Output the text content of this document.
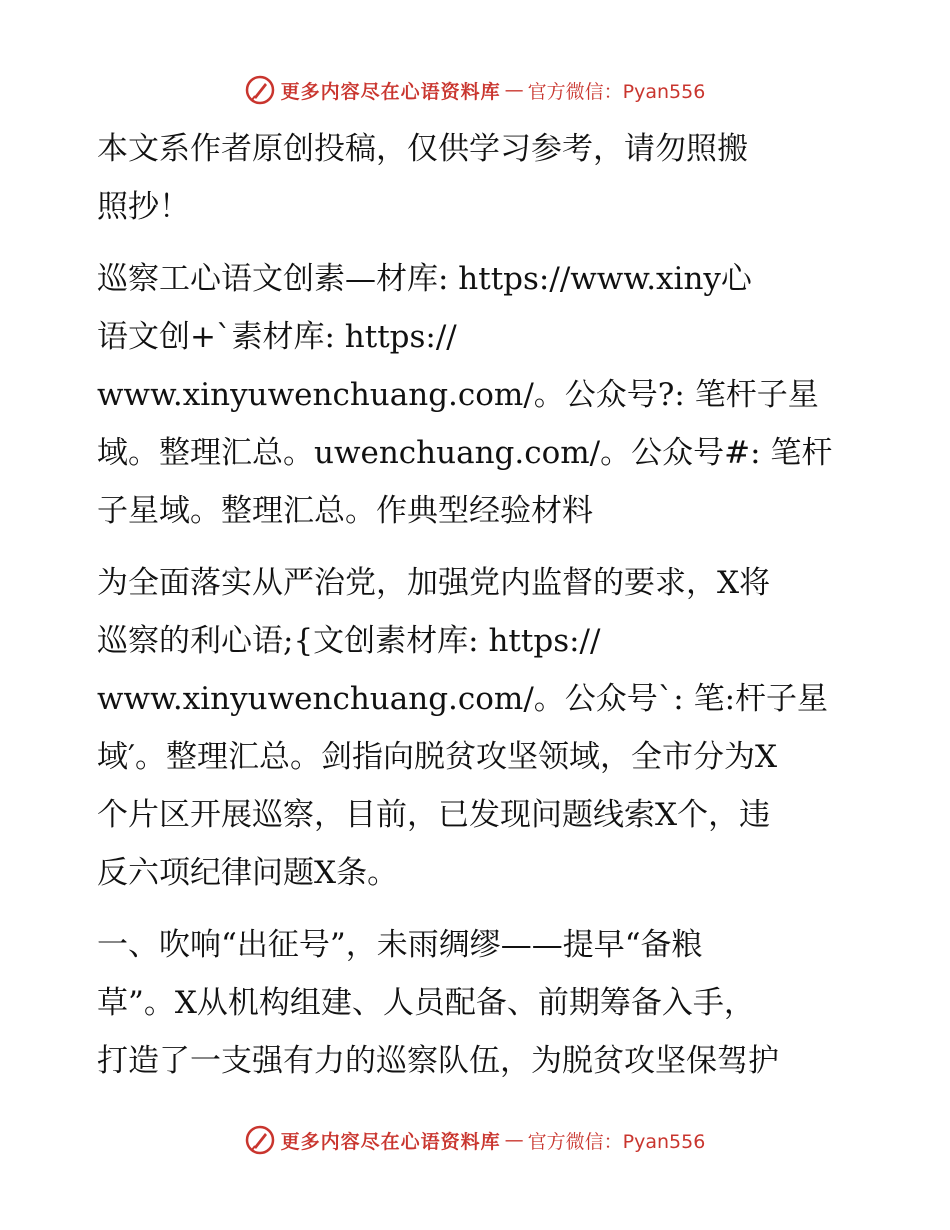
更多内容尽在心语资料库 — 官方微信：Pyan556

本文系作者原创投稿，仅供学习参考，请勿照搬
照抄！

巡察工心语文创素—材库: https://www.xiny心
语文创+`素材库: https://
www.xinyuwenchuang.com/。公众号?: 笔杆子星
域。整理汇总。uwenchuang.com/。公众号#: 笔杆
子星域。整理汇总。作典型经验材料

为全面落实从严治党，加强党内监督的要求，X将
巡察的利心语;{文创素材库: https://
www.xinyuwenchuang.com/。公众号`: 笔:杆子星
域′。整理汇总。剑指向脱贫攻坚领域，全市分为X
个片区开展巡察，目前，已发现问题线索X个，违
反六项纪律问题X条。

一、吹响“出征号”，未雨绸缪——提早“备粮
草”。X从机构组建、人员配备、前期筹备入手，
打造了一支强有力的巡察队伍，为脱贫攻坚保驾护

更多内容尽在心语资料库 — 官方微信：Pyan556
